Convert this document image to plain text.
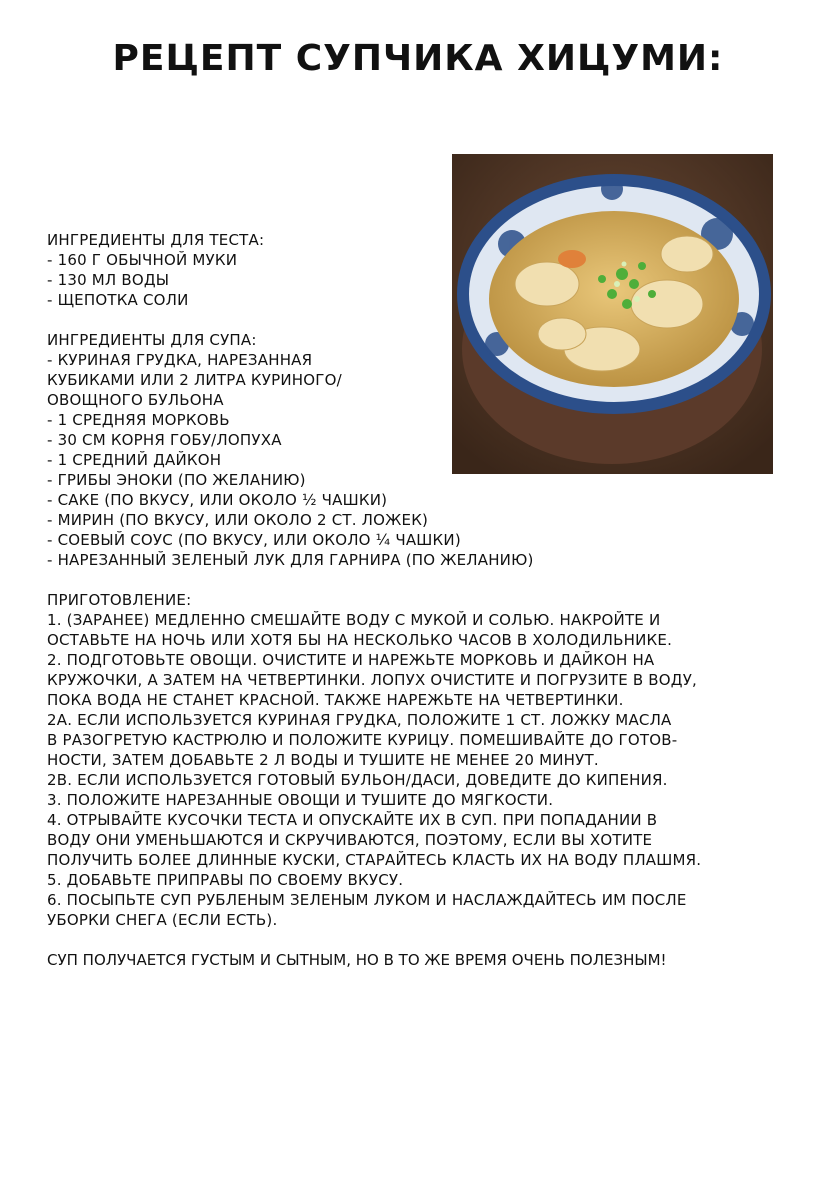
РЕЦЕПТ СУПЧИКА ХИЦУМИ:
ИНГРЕДИЕНТЫ ДЛЯ ТЕСТА:
- 160 Г ОБЫЧНОЙ МУКИ
- 130 МЛ ВОДЫ
- ЩЕПОТКА СОЛИ
ИНГРЕДИЕНТЫ ДЛЯ СУПА:
- КУРИНАЯ ГРУДКА, НАРЕЗАННАЯ
КУБИКАМИ ИЛИ 2 ЛИТРА КУРИНОГО/
ОВОЩНОГО БУЛЬОНА
- 1 СРЕДНЯЯ МОРКОВЬ
- 30 СМ КОРНЯ ГОБУ/ЛОПУХА
- 1 СРЕДНИЙ ДАЙКОН
- ГРИБЫ ЭНОКИ (ПО ЖЕЛАНИЮ)
- САКЕ (ПО ВКУСУ, ИЛИ ОКОЛО ½ ЧАШКИ)
- МИРИН (ПО ВКУСУ, ИЛИ ОКОЛО 2 СТ. ЛОЖЕК)
- СОЕВЫЙ СОУС (ПО ВКУСУ, ИЛИ ОКОЛО ¼ ЧАШКИ)
- НАРЕЗАННЫЙ ЗЕЛЕНЫЙ ЛУК ДЛЯ ГАРНИРА (ПО ЖЕЛАНИЮ)
ПРИГОТОВЛЕНИЕ:
1. (ЗАРАНЕЕ) МЕДЛЕННО СМЕШАЙТЕ ВОДУ С МУКОЙ И СОЛЬЮ. НАКРОЙТЕ И
ОСТАВЬТЕ НА НОЧЬ ИЛИ ХОТЯ БЫ НА НЕСКОЛЬКО ЧАСОВ В ХОЛОДИЛЬНИКЕ.
2. ПОДГОТОВЬТЕ ОВОЩИ. ОЧИСТИТЕ И НАРЕЖЬТЕ МОРКОВЬ И ДАЙКОН НА
КРУЖОЧКИ, А ЗАТЕМ НА ЧЕТВЕРТИНКИ. ЛОПУХ ОЧИСТИТЕ И ПОГРУЗИТЕ В ВОДУ,
ПОКА ВОДА НЕ СТАНЕТ КРАСНОЙ. ТАКЖЕ НАРЕЖЬТЕ НА ЧЕТВЕРТИНКИ.
2А. ЕСЛИ ИСПОЛЬЗУЕТСЯ КУРИНАЯ ГРУДКА, ПОЛОЖИТЕ 1 СТ. ЛОЖКУ МАСЛА
В РАЗОГРЕТУЮ КАСТРЮЛЮ И ПОЛОЖИТЕ КУРИЦУ. ПОМЕШИВАЙТЕ ДО ГОТОВ-
НОСТИ, ЗАТЕМ ДОБАВЬТЕ 2 Л ВОДЫ И ТУШИТЕ НЕ МЕНЕЕ 20 МИНУТ.
2В. ЕСЛИ ИСПОЛЬЗУЕТСЯ ГОТОВЫЙ БУЛЬОН/ДАСИ, ДОВЕДИТЕ ДО КИПЕНИЯ.
3. ПОЛОЖИТЕ НАРЕЗАННЫЕ ОВОЩИ И ТУШИТЕ ДО МЯГКОСТИ.
4. ОТРЫВАЙТЕ КУСОЧКИ ТЕСТА И ОПУСКАЙТЕ ИХ В СУП. ПРИ ПОПАДАНИИ В
ВОДУ ОНИ УМЕНЬШАЮТСЯ И СКРУЧИВАЮТСЯ, ПОЭТОМУ, ЕСЛИ ВЫ ХОТИТЕ
ПОЛУЧИТЬ БОЛЕЕ ДЛИННЫЕ КУСКИ, СТАРАЙТЕСЬ КЛАСТЬ ИХ НА ВОДУ ПЛАШМЯ.
5. ДОБАВЬТЕ ПРИПРАВЫ ПО СВОЕМУ ВКУСУ.
6. ПОСЫПЬТЕ СУП РУБЛЕНЫМ ЗЕЛЕНЫМ ЛУКОМ И НАСЛАЖДАЙТЕСЬ ИМ ПОСЛЕ
УБОРКИ СНЕГА (ЕСЛИ ЕСТЬ).

СУП ПОЛУЧАЕТСЯ ГУСТЫМ И СЫТНЫМ, НО В ТО ЖЕ ВРЕМЯ ОЧЕНЬ ПОЛЕЗНЫМ!
